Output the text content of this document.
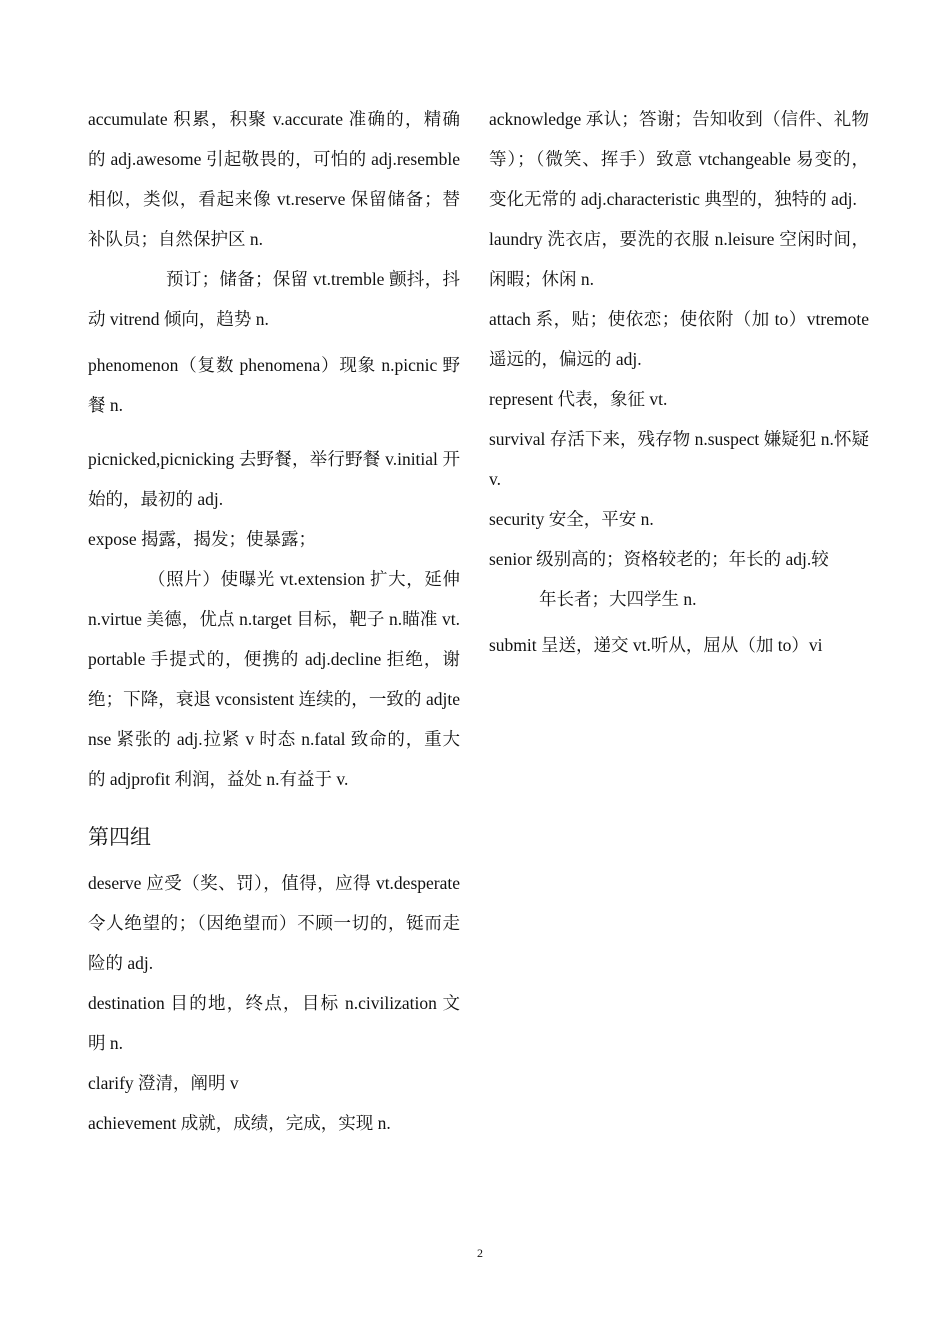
accumulate 积累，积聚 v.accurate 准确的，精确的 adj.awesome 引起敬畏的，可怕的 adj.resemble 相似，类似，看起来像 vt.reserve 保留储备；替补队员；自然保护区 n.

预订；储备；保留 vt.tremble 颤抖，抖动 vitrend 倾向，趋势 n.

phenomenon（复数 phenomena）现象 n.picnic 野餐 n.

picnicked,picnicking 去野餐，举行野餐 v.initial 开始的，最初的 adj.

expose 揭露，揭发；使暴露；

（照片）使曝光 vt.extension 扩大，延伸 n.virtue 美德，优点 n.target 目标，靶子 n.瞄准 vt.portable 手提式的，便携的 adj.decline 拒绝，谢绝；下降，衰退 vconsistent 连续的，一致的 adjtense 紧张的 adj.拉紧 v 时态 n.fatal 致命的，重大的 adjprofit 利润，益处 n.有益于 v.

第四组

deserve 应受（奖、罚），值得，应得 vt.desperate 令人绝望的；（因绝望而）不顾一切的，铤而走险的 adj.

destination 目的地，终点，目标 n.civilization 文明 n.

clarify 澄清，阐明 v

achievement 成就，成绩，完成，实现 n.

acknowledge 承认；答谢；告知收到（信件、礼物等）；（微笑、挥手）致意 vtchangeable 易变的，变化无常的 adj.characteristic 典型的，独特的 adj.

laundry 洗衣店，要洗的衣服 n.leisure 空闲时间，闲暇；休闲 n.

attach 系，贴；使依恋；使依附（加 to）vtremote 遥远的，偏远的 adj.

represent 代表，象征 vt.

survival 存活下来，残存物 n.suspect 嫌疑犯 n.怀疑 v.

security 安全，平安 n.

senior 级别高的；资格较老的；年长的 adj.较

年长者；大四学生 n.

submit 呈送，递交 vt.听从，屈从（加 to）vi

2
